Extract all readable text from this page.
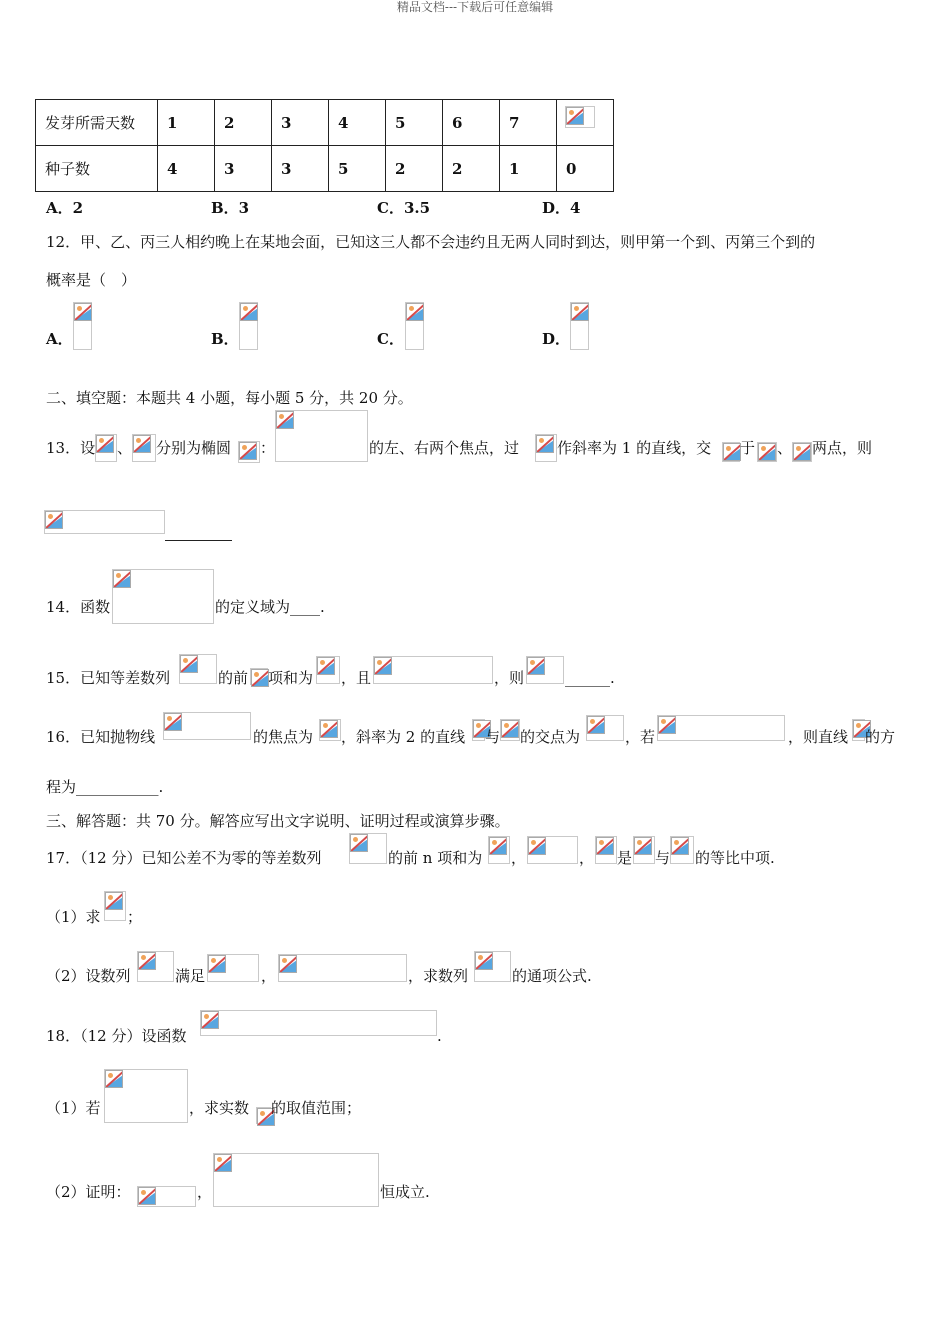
精品文档---下载后可任意编辑
发芽所需天数	1	2	3	4	5	6	7	

种子数	4	3	3	5	2	2	1	0
A．2	B．3	C．3.5	D．4
12．甲、乙、丙三人相约晚上在某地会面，已知这三人都不会违约且无两人同时到达，则甲第一个到、丙第三个到的
概率是（　）
A．	B．	C．	D．
二、填空题：本题共 4 小题，每小题 5 分，共 20 分。
13．设 、 分别为椭圆 ：	的左、右两个焦点，过	作斜率为 1 的直线，交 于 、 两点，则
14．函数	的定义域为____.
15．已知等差数列	的前 项和为 ，且	，则	______.
16．已知抛物线	的焦点为 ，斜率为 2 的直线 与 的交点为	，若	，则直线 的方
程为___________.
三、解答题：共 70 分。解答应写出文字说明、证明过程或演算步骤。
17．（12 分）已知公差不为零的等差数列	的前 n 项和为 ，	， 是 与 的等比中项.
（1）求 ；
（2）设数列	满足	，	，求数列	的通项公式.
18．（12 分）设函数	.
（1）若	，求实数 的取值范围；
（2）证明：	，	恒成立.
